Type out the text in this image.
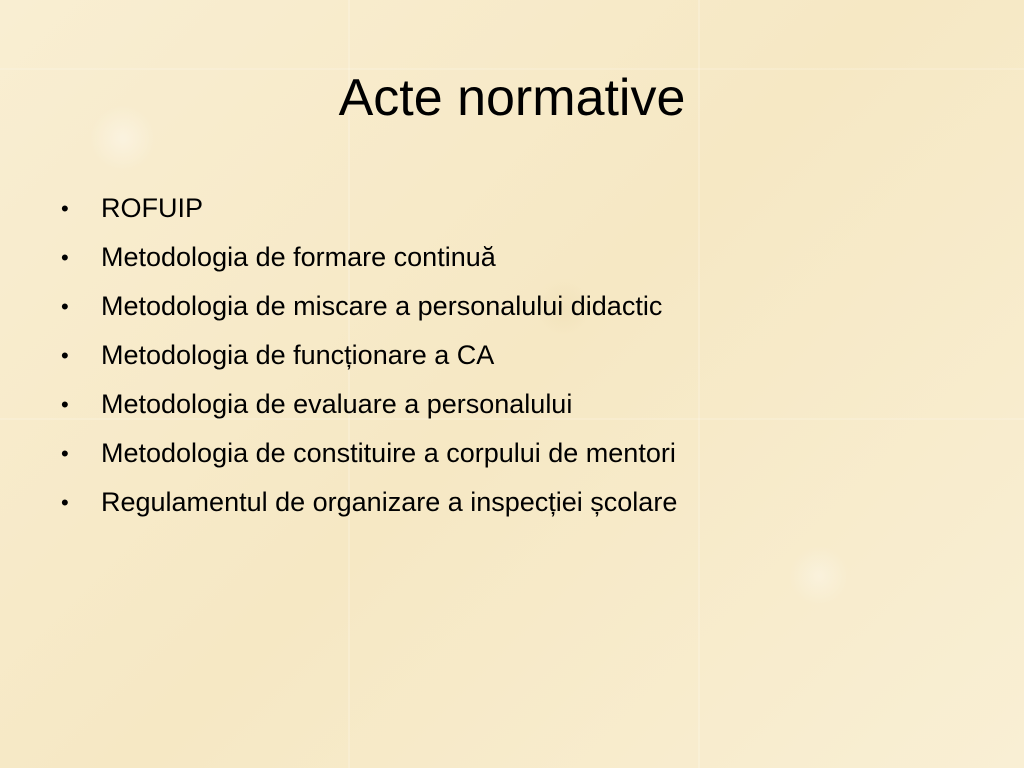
Acte normative
•	ROFUIP
•	Metodologia de formare continuă
•	Metodologia de miscare a personalului didactic
•	Metodologia de funcționare a CA
•	Metodologia de evaluare a personalului
•	Metodologia de constituire a corpului de mentori
•	Regulamentul de organizare a inspecției școlare
